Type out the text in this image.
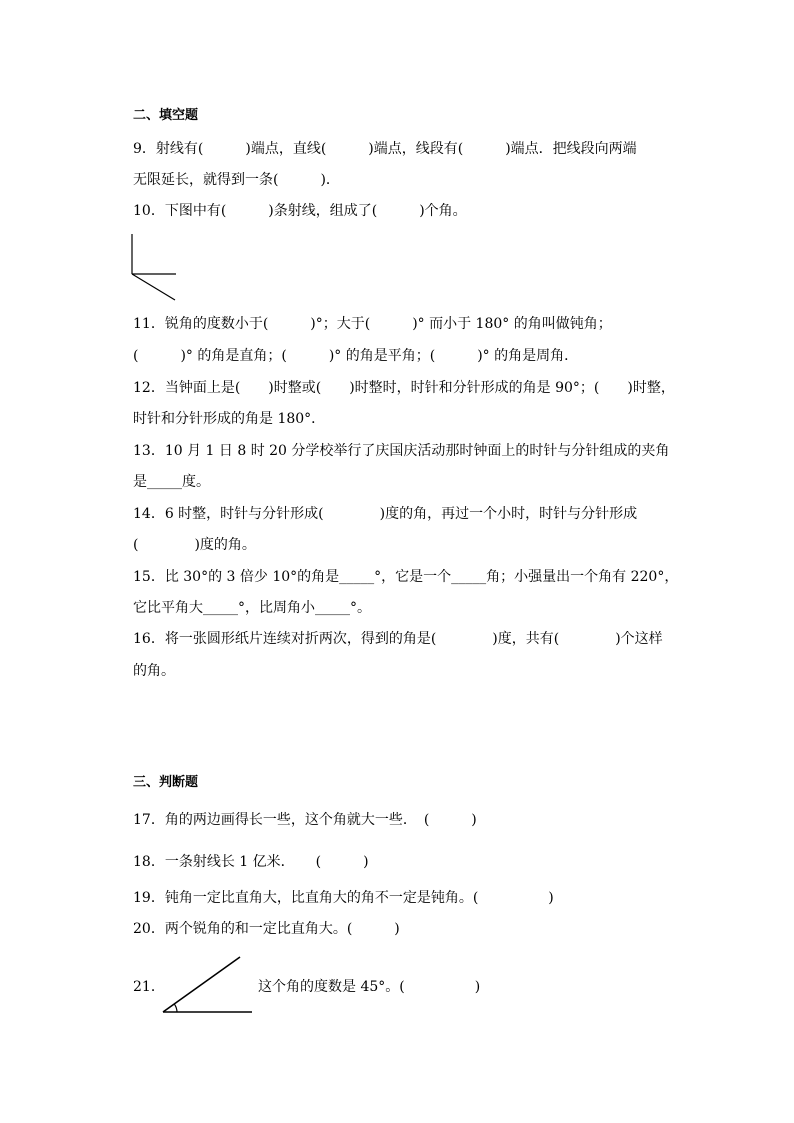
二、填空题
9．射线有(　　　)端点，直线(　　　)端点，线段有(　　　)端点．把线段向两端
无限延长，就得到一条(　　　)．
10．下图中有(　　　)条射线，组成了(　　　)个角。
11．锐角的度数小于(　　　)°；大于(　　　)° 而小于 180° 的角叫做钝角；
(　　　)° 的角是直角；(　　　)° 的角是平角；(　　　)° 的角是周角．
12．当钟面上是(　　)时整或(　　)时整时，时针和分针形成的角是 90°；(　　)时整，
时针和分针形成的角是 180°．
13．10 月 1 日 8 时 20 分学校举行了庆国庆活动那时钟面上的时针与分针组成的夹角
是_____度。
14．6 时整，时针与分针形成(　　　　)度的角，再过一个小时，时针与分针形成
(　　　　)度的角。
15．比 30°的 3 倍少 10°的角是_____°，它是一个_____角；小强量出一个角有 220°，
它比平角大_____°，比周角小_____°。
16．将一张圆形纸片连续对折两次，得到的角是(　　　　)度，共有(　　　　)个这样
的角。
三、判断题
17．角的两边画得长一些，这个角就大一些．　(　　　)
18．一条射线长 1 亿米．　　(　　　)
19．钝角一定比直角大，比直角大的角不一定是钝角。(　　　　　)
20．两个锐角的和一定比直角大。(　　　)
21．	这个角的度数是 45°。(　　　　　)
